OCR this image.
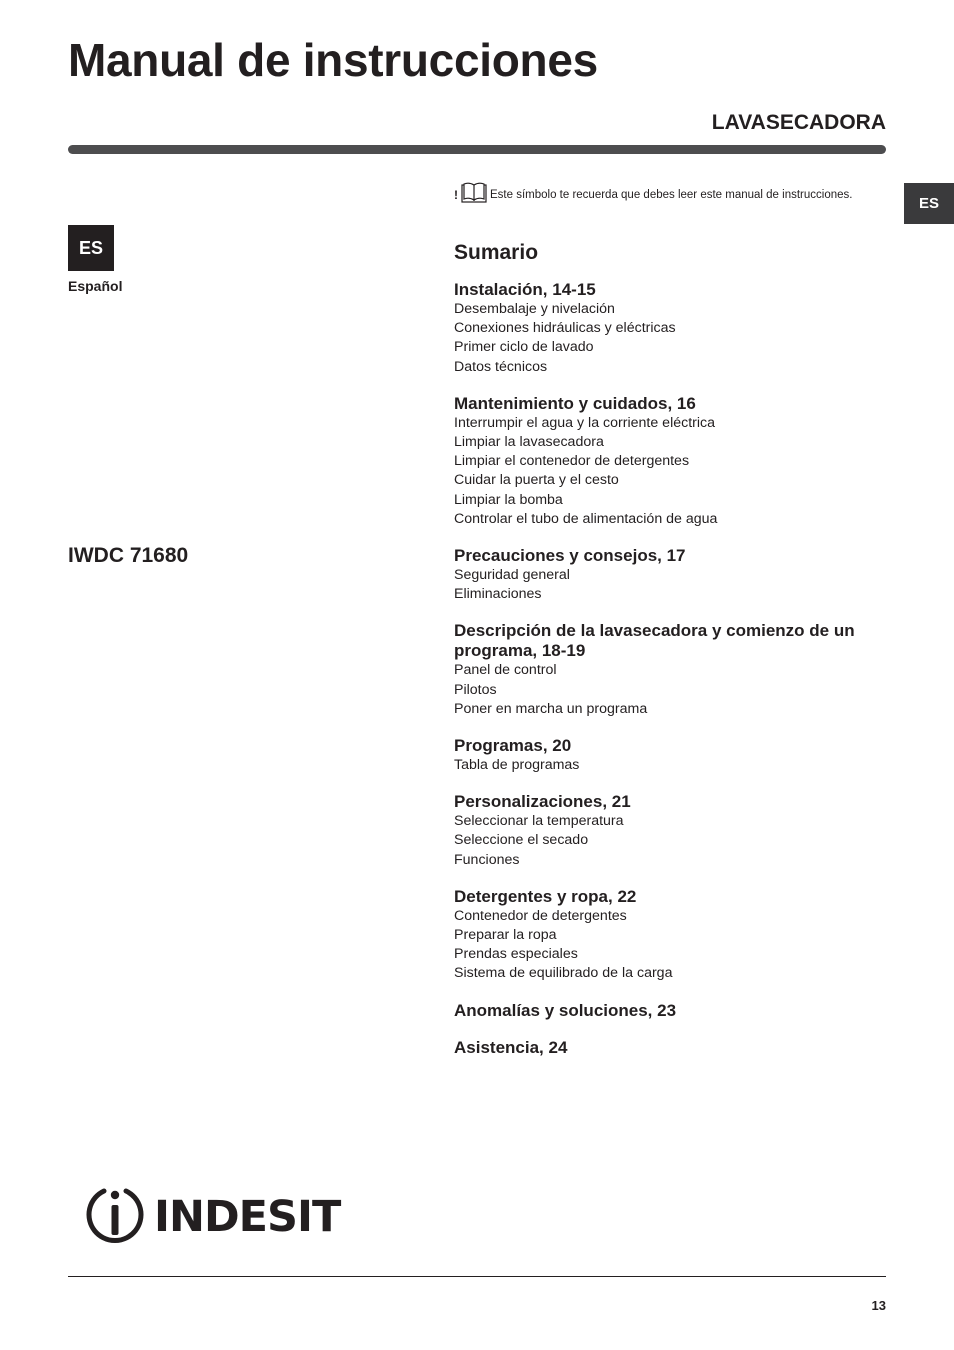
Manual de instrucciones
LAVASECADORA
ES
ES
Español
IWDC 71680
!	Este símbolo te recuerda que debes leer este manual de instrucciones.
Sumario
Instalación, 14-15
Desembalaje y nivelación
Conexiones hidráulicas y eléctricas
Primer ciclo de lavado
Datos técnicos
Mantenimiento y cuidados, 16
Interrumpir el agua y la corriente eléctrica
Limpiar la lavasecadora
Limpiar el contenedor de detergentes
Cuidar la puerta y el cesto
Limpiar la bomba
Controlar el tubo de alimentación de agua
Precauciones y consejos, 17
Seguridad general
Eliminaciones
Descripción de la lavasecadora y comienzo de un programa, 18-19
Panel de control
Pilotos
Poner en marcha un programa
Programas, 20
Tabla de programas
Personalizaciones, 21
Seleccionar la temperatura
Seleccione el secado
Funciones
Detergentes y ropa, 22
Contenedor de detergentes
Preparar la ropa
Prendas especiales
Sistema de equilibrado de la carga
Anomalías y soluciones, 23
Asistencia, 24
INDESIT
13
